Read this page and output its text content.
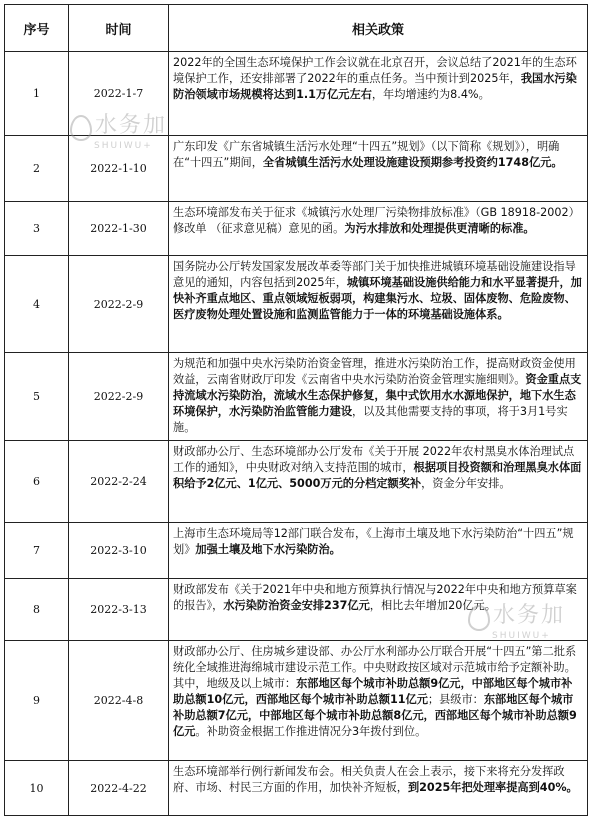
序号	时间	相关政策
1	2022-1-7	2022年的全国生态环境保护工作会议就在北京召开，会议总结了2021年的生态环境保护工作，还安排部署了2022年的重点任务。当中预计到2025年，我国水污染防治领域市场规模将达到1.1万亿元左右，年均增速约为8.4%。

2	2022-1-10	广东印发《广东省城镇生活污水处理“十四五”规划》（以下简称《规划》），明确在“十四五”期间，全省城镇生活污水处理设施建设预期参考投资约1748亿元。

3	2022-1-30	生态环境部发布关于征求《城镇污水处理厂污染物排放标准》（GB 18918-2002）修改单 （征求意见稿）意见的函。为污水排放和处理提供更清晰的标准。

4	2022-2-9	国务院办公厅转发国家发展改革委等部门关于加快推进城镇环境基础设施建设指导意见的通知，内容包括到2025年，城镇环境基础设施供给能力和水平显著提升，加快补齐重点地区、重点领域短板弱项，构建集污水、垃圾、固体废物、危险废物、医疗废物处理处置设施和监测监管能力于一体的环境基础设施体系。

5	2022-2-9	为规范和加强中央水污染防治资金管理，推进水污染防治工作，提高财政资金使用效益，云南省财政厅印发《云南省中央水污染防治资金管理实施细则》。资金重点支持流域水污染防治，流域水生态保护修复，集中式饮用水水源地保护，地下水生态环境保护，水污染防治监管能力建设，以及其他需要支持的事项，将于3月1号实施。

6	2022-2-24	财政部办公厅、生态环境部办公厅发布《关于开展 2022年农村黑臭水体治理试点工作的通知》，中央财政对纳入支持范围的城市，根据项目投资额和治理黑臭水体面积给予2亿元、1亿元、5000万元的分档定额奖补，资金分年安排。

7	2022-3-10	上海市生态环境局等12部门联合发布，《上海市土壤及地下水污染防治“十四五”规划》加强土壤及地下水污染防治。

8	2022-3-13	财政部发布《关于2021年中央和地方预算执行情况与2022年中央和地方预算草案的报告》，水污染防治资金安排237亿元，相比去年增加20亿元。

9	2022-4-8	财政部办公厅、住房城乡建设部、办公厅水利部办公厅联合开展“十四五”第二批系统化全域推进海绵城市建设示范工作。中央财政按区域对示范城市给予定额补助。其中，地级及以上城市：东部地区每个城市补助总额9亿元，中部地区每个城市补助总额10亿元，西部地区每个城市补助总额11亿元；县级市：东部地区每个城市补助总额7亿元，中部地区每个城市补助总额8亿元，西部地区每个城市补助总额9亿元。补助资金根据工作推进情况分3年拨付到位。

10	2022-4-22	生态环境部举行例行新闻发布会。相关负责人在会上表示，接下来将充分发挥政府、市场、村民三方面的作用，加快补齐短板，到2025年把处理率提高到40%。
水务加
SHUIWU+
水务加
SHUIWU+
